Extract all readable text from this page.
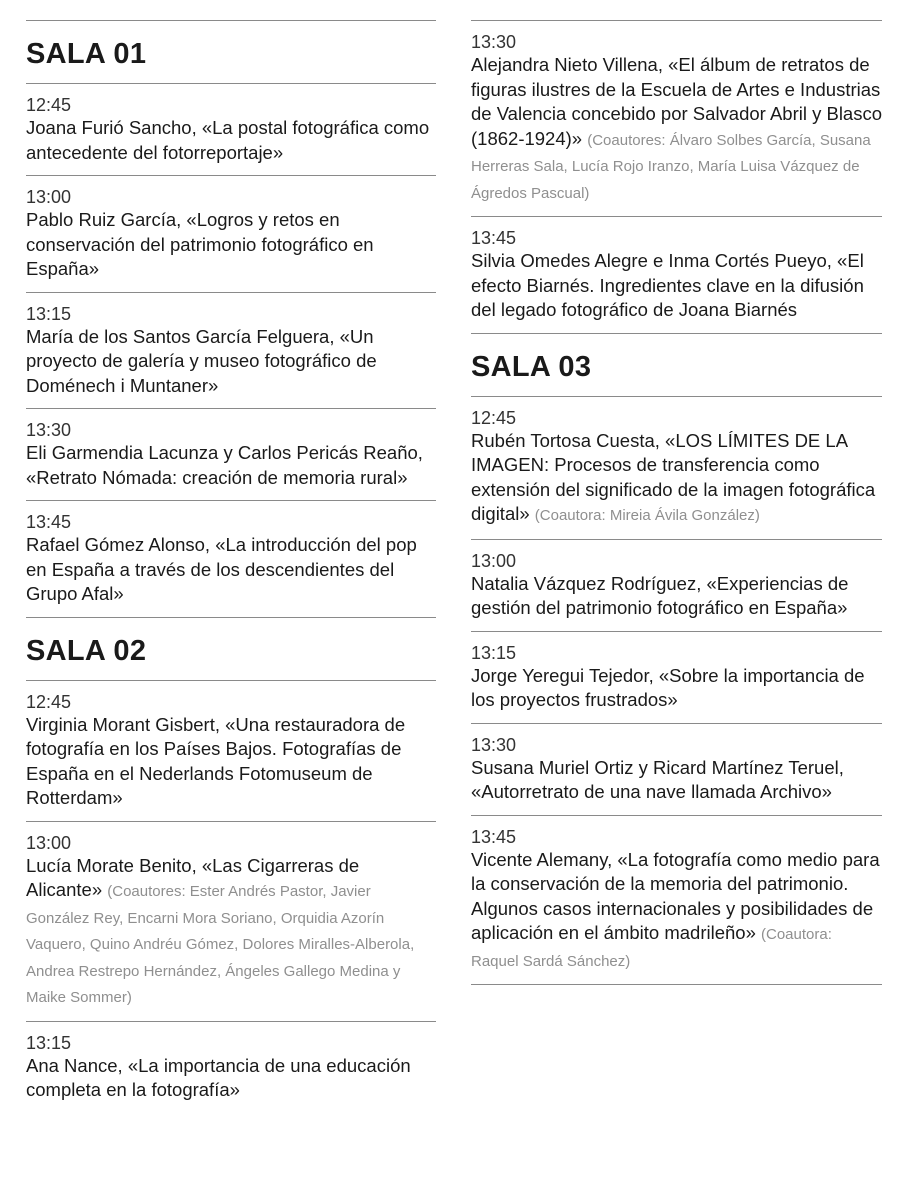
SALA 01
12:45
Joana Furió Sancho, «La postal fotográfica como antecedente del fotorreportaje»
13:00
Pablo Ruiz García, «Logros y retos en conservación del patrimonio fotográfico en España»
13:15
María de los Santos García Felguera, «Un proyecto de galería y museo fotográfico de Doménech i Muntaner»
13:30
Eli Garmendia Lacunza y Carlos Pericás Reaño, «Retrato Nómada: creación de memoria rural»
13:45
Rafael Gómez Alonso, «La introducción del pop en España a través de los descendientes del Grupo Afal»
SALA 02
12:45
Virginia Morant Gisbert, «Una restauradora de fotografía en los Países Bajos. Fotografías de España en el Nederlands Fotomuseum de Rotterdam»
13:00
Lucía Morate Benito, «Las Cigarreras de Alicante» (Coautores: Ester Andrés Pastor, Javier González Rey, Encarni Mora Soriano, Orquidia Azorín Vaquero, Quino Andréu Gómez, Dolores Miralles-Alberola, Andrea Restrepo Hernández, Ángeles Gallego Medina y Maike Sommer)
13:15
Ana Nance, «La importancia de una educación completa en la fotografía»
13:30
Alejandra Nieto Villena, «El álbum de retratos de figuras ilustres de la Escuela de Artes e Industrias de Valencia concebido por Salvador Abril y Blasco (1862-1924)» (Coautores: Álvaro Solbes García, Susana Herreras Sala, Lucía Rojo Iranzo, María Luisa Vázquez de Ágredos Pascual)
13:45
Silvia Omedes Alegre e Inma Cortés Pueyo, «El efecto Biarnés. Ingredientes clave en la difusión del legado fotográfico de Joana Biarnés
SALA 03
12:45
Rubén Tortosa Cuesta, «LOS LÍMITES DE LA IMAGEN: Procesos de transferencia como extensión del significado de la imagen fotográfica digital» (Coautora: Mireia Ávila González)
13:00
Natalia Vázquez Rodríguez, «Experiencias de gestión del patrimonio fotográfico en España»
13:15
Jorge Yeregui Tejedor, «Sobre la importancia de los proyectos frustrados»
13:30
Susana Muriel Ortiz y Ricard Martínez Teruel, «Autorretrato de una nave llamada Archivo»
13:45
Vicente Alemany, «La fotografía como medio para la conservación de la memoria del patrimonio. Algunos casos internacionales y posibilidades de aplicación en el ámbito madrileño» (Coautora: Raquel Sardá Sánchez)
